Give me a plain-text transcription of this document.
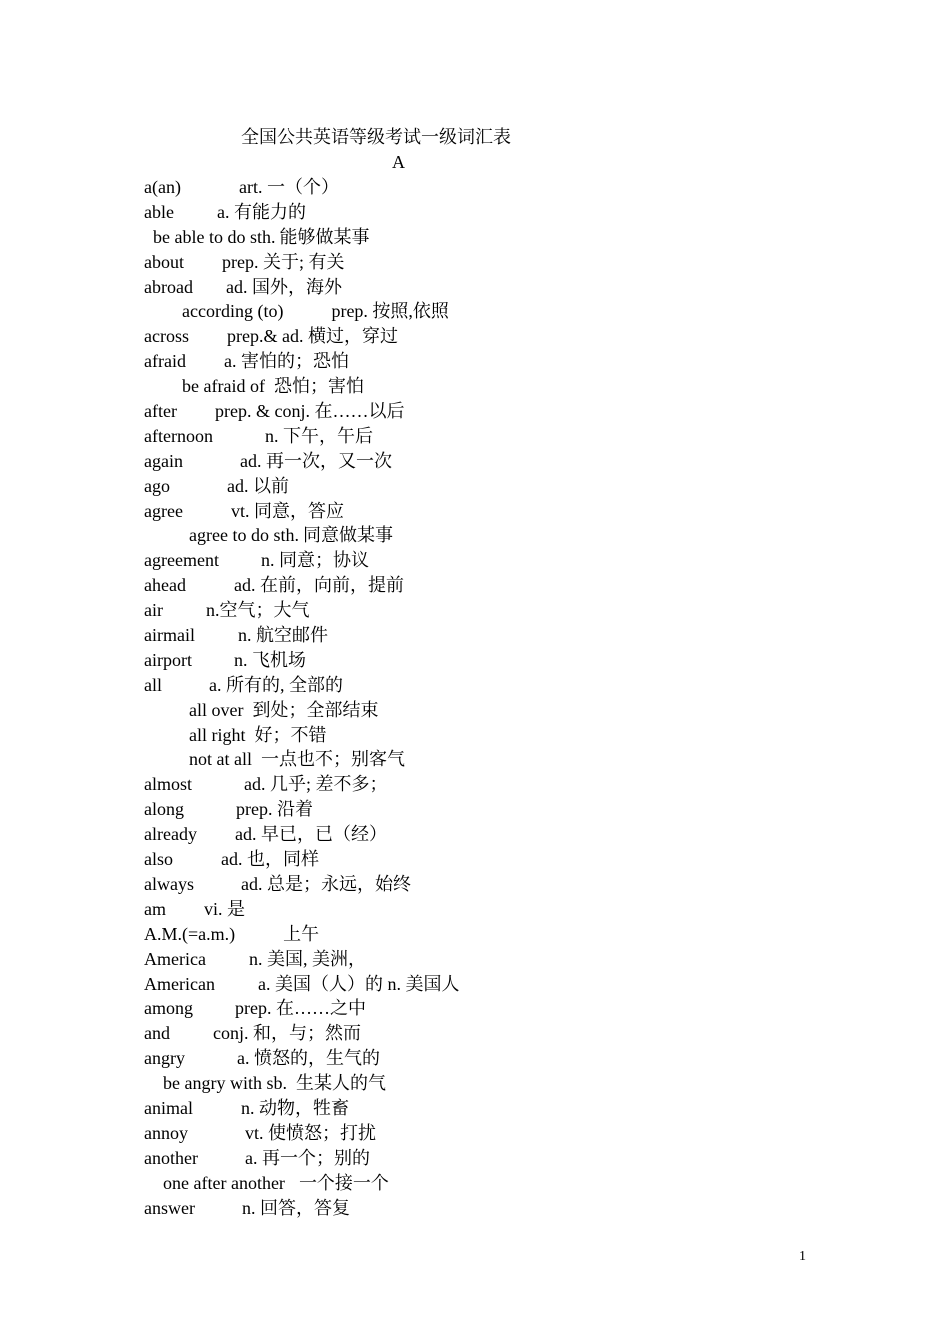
全国公共英语等级考试一级词汇表
A
a(an)	art. 一（个）
able a. 有能力的
be able to do sth. 能够做某事
about prep. 关于; 有关
abroad ad. 国外，海外
according (to)	prep. 按照,依照
across prep.& ad. 横过，穿过
afraid a. 害怕的；恐怕
be afraid of 恐怕；害怕
after prep. & conj. 在……以后
afternoon	n. 下午，午后
again	ad. 再一次，又一次
ago	ad. 以前
agree	vt. 同意，答应
agree to do sth. 同意做某事
agreement n. 同意；协议
ahead	ad. 在前，向前，提前
air n.空气；大气
airmail n. 航空邮件
airport n. 飞机场
all	a. 所有的, 全部的
all over 到处；全部结束
all right 好；不错
not at all 一点也不；别客气
almost	ad. 几乎; 差不多；
along	prep. 沿着
already ad. 早已，已（经）
also	ad. 也，同样
always	ad. 总是；永远，始终
am vi. 是
A.M.(=a.m.)	上午
America n. 美国, 美洲，
American a. 美国（人）的 n. 美国人
among prep. 在……之中
and conj. 和，与；然而
angry	a. 愤怒的，生气的
be angry with sb. 生某人的气
animal	n. 动物，牲畜
annoy	vt. 使愤怒；打扰
another	a. 再一个；别的
one after another 一个接一个
answer	n. 回答，答复
1
